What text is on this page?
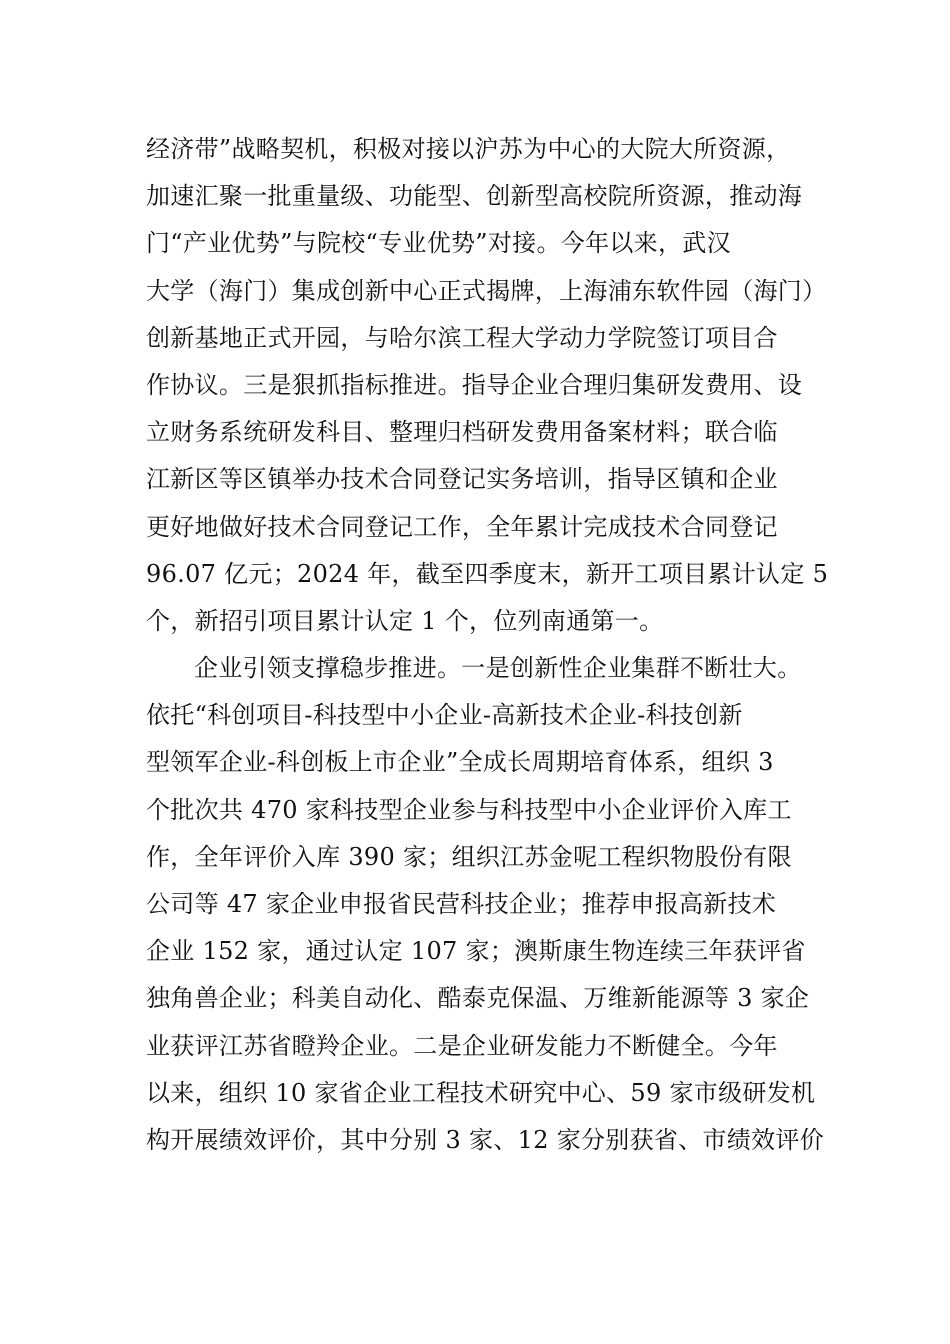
经济带”战略契机，积极对接以沪苏为中心的大院大所资源，
加速汇聚一批重量级、功能型、创新型高校院所资源，推动海
门“产业优势”与院校“专业优势”对接。今年以来，武汉
大学（海门）集成创新中心正式揭牌，上海浦东软件园（海门）
创新基地正式开园，与哈尔滨工程大学动力学院签订项目合
作协议。三是狠抓指标推进。指导企业合理归集研发费用、设
立财务系统研发科目、整理归档研发费用备案材料；联合临
江新区等区镇举办技术合同登记实务培训，指导区镇和企业
更好地做好技术合同登记工作，全年累计完成技术合同登记
96.07 亿元；2024 年，截至四季度末，新开工项目累计认定 5
个，新招引项目累计认定 1 个，位列南通第一。
企业引领支撑稳步推进。一是创新性企业集群不断壮大。
依托“科创项目-科技型中小企业-高新技术企业-科技创新
型领军企业-科创板上市企业”全成长周期培育体系，组织 3
个批次共 470 家科技型企业参与科技型中小企业评价入库工
作，全年评价入库 390 家；组织江苏金呢工程织物股份有限
公司等 47 家企业申报省民营科技企业；推荐申报高新技术
企业 152 家，通过认定 107 家；澳斯康生物连续三年获评省
独角兽企业；科美自动化、酷泰克保温、万维新能源等 3 家企
业获评江苏省瞪羚企业。二是企业研发能力不断健全。今年
以来，组织 10 家省企业工程技术研究中心、59 家市级研发机
构开展绩效评价，其中分别 3 家、12 家分别获省、市绩效评价
